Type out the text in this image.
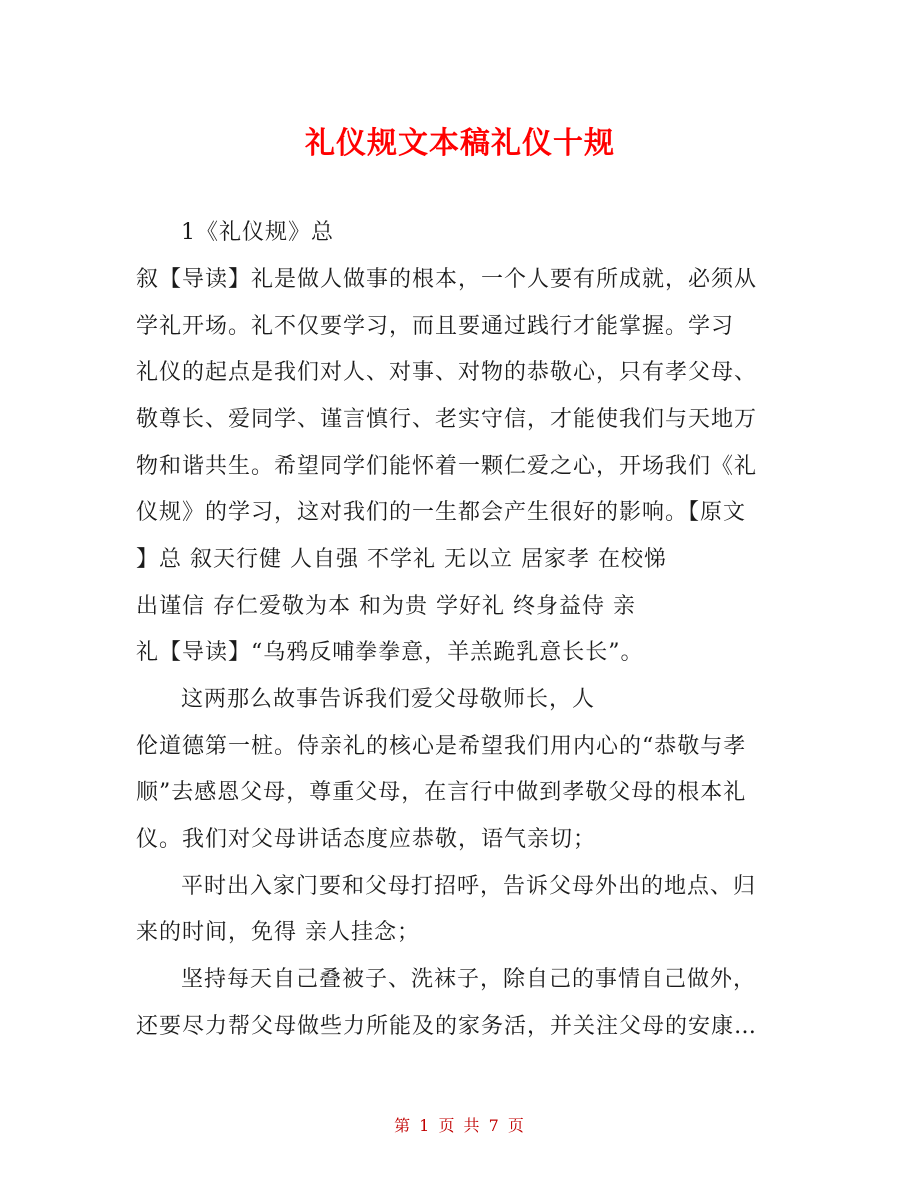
礼仪规文本稿礼仪十规

1《礼仪规》总

叙【导读】礼是做人做事的根本，一个人要有所成就，必须从

学礼开场。礼不仅要学习，而且要通过践行才能掌握。学习

礼仪的起点是我们对人、对事、对物的恭敬心，只有孝父母、

敬尊长、爱同学、谨言慎行、老实守信，才能使我们与天地万

物和谐共生。希望同学们能怀着一颗仁爱之心，开场我们《礼

仪规》的学习，这对我们的一生都会产生很好的影响。【原文

】总 叙天行健 人自强 不学礼 无以立 居家孝 在校悌

出谨信 存仁爱敬为本 和为贵 学好礼 终身益侍 亲

礼【导读】“乌鸦反哺拳拳意，羊羔跪乳意长长”。

这两那么故事告诉我们爱父母敬师长，人

伦道德第一桩。侍亲礼的核心是希望我们用内心的“恭敬与孝

顺”去感恩父母，尊重父母，在言行中做到孝敬父母的根本礼

仪。我们对父母讲话态度应恭敬，语气亲切；

平时出入家门要和父母打招呼，告诉父母外出的地点、归

来的时间，免得 亲人挂念；

坚持每天自己叠被子、洗袜子，除自己的事情自己做外，

还要尽力帮父母做些力所能及的家务活，并关注父母的安康…

第 1 页 共 7 页
